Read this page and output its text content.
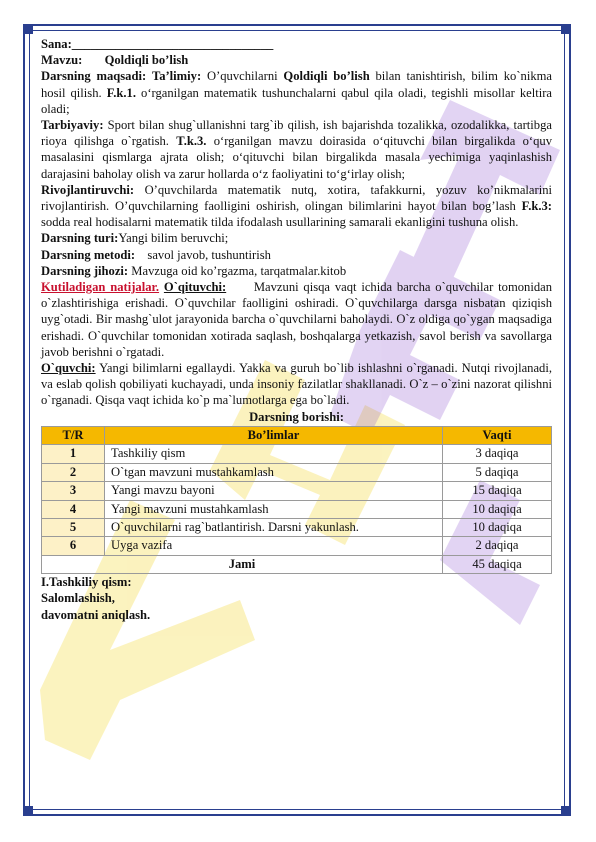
Sana:________________________________

Mavzu: Qoldiqli bo’lish

Darsning maqsadi: Ta’limiy: O’quvchilarni Qoldiqli bo’lish bilan tanishtirish, bilim ko`nikma hosil qilish. F.k.1. o‘rganilgan matematik tushunchalarni qabul qila oladi, tegishli misollar keltira oladi;

Tarbiyaviy: Sport bilan shug`ullanishni targ`ib qilish, ish bajarishda tozalikka, ozodalikka, tartibga rioya qilishga o`rgatish. T.k.3. o‘rganilgan mavzu doirasida o‘qituvchi bilan birgalikda o‘quv masalasini qismlarga ajrata olish; o‘qituvchi bilan birgalikda masala yechimiga yaqinlashish darajasini baholay olish va zarur hollarda o‘z faoliyatini to‘g‘irlay olish;

Rivojlantiruvchi: O’quvchilarda matematik nutq, xotira, tafakkurni, yozuv ko’nikmalarini rivojlantirish. O’quvchilarning faolligini oshirish, olingan bilimlarini hayot bilan bog’lash F.k.3: sodda real hodisalarni matematik tilda ifodalash usullarining samarali ekanligini tushuna olish.

Darsning turi:Yangi bilim beruvchi;

Darsning metodi: savol javob, tushuntirish

Darsning jihozi: Mavzuga oid ko’rgazma, tarqatmalar.kitob

Kutiladigan natijalar. O`qituvchi: Mavzuni qisqa vaqt ichida barcha o`quvchilar tomonidan o`zlashtirishiga erishadi. O`quvchilar faolligini oshiradi. O`quvchilarga darsga nisbatan qiziqish uyg`otadi. Bir mashg`ulot jarayonida barcha o`quvchilarni baholaydi. O`z oldiga qo`ygan maqsadiga erishadi. O`quvchilar tomonidan xotirada saqlash, boshqalarga yetkazish, savol berish va savollarga javob berishni o`rgatadi.

O`quvchi: Yangi bilimlarni egallaydi. Yakka va guruh bo`lib ishlashni o`rganadi. Nutqi rivojlanadi, va eslab qolish qobiliyati kuchayadi, unda insoniy fazilatlar shakllanadi. O`z – o`zini nazorat qilishni o`rganadi. Qisqa vaqt ichida ko`p ma`lumotlarga ega bo`ladi.

Darsning borishi:

T/R	Bo’limlar	Vaqti
1	Tashkiliy qism	3 daqiqa
2	O`tgan mavzuni mustahkamlash	5 daqiqa
3	Yangi mavzu bayoni	15 daqiqa
4	Yangi mavzuni mustahkamlash	10 daqiqa
5	O`quvchilarni rag`batlantirish. Darsni yakunlash.	10 daqiqa
6	Uyga vazifa	2 daqiqa
Jami		45 daqiqa

I.Tashkiliy qism:

Salomlashish,

davomatni aniqlash.
